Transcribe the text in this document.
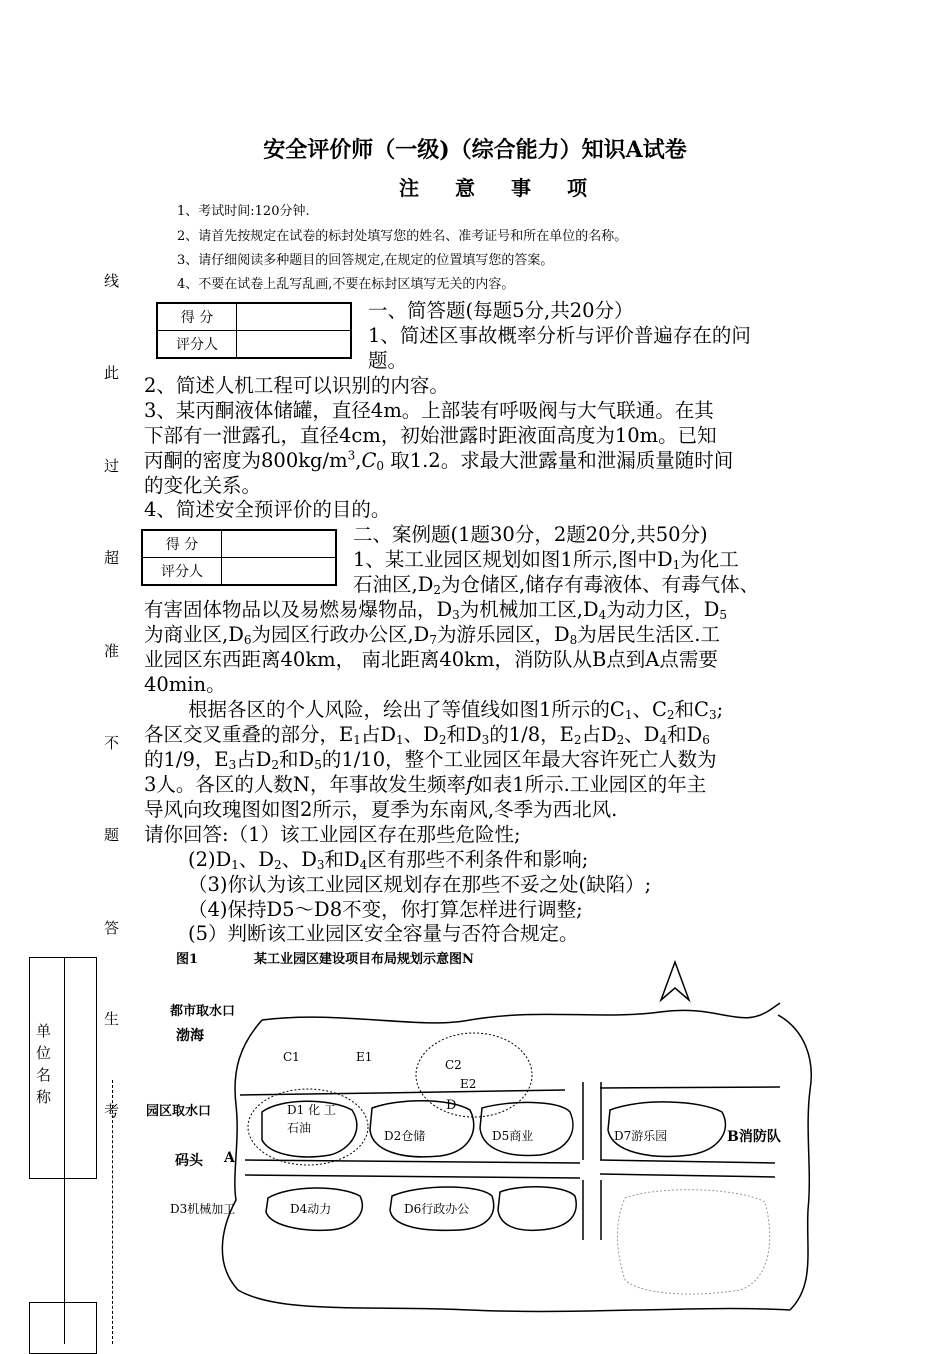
安全评价师（一级)（综合能力）知识A试卷
注意事项
1、考试时间:120分钟.
2、请首先按规定在试卷的标封处填写您的姓名、准考证号和所在单位的名称。
3、请仔细阅读多种题目的回答规定,在规定的位置填写您的答案。
4、不要在试卷上乱写乱画,不要在标封区填写无关的内容。
线
此
过
超
准
不
题
答
生
考
单位名称
得 分	
评分人	
一、简答题(每题5分,共20分）
1、简述区事故概率分析与评价普遍存在的问
题。
2、简述人机工程可以识别的内容。
3、某丙酮液体储罐，直径4m。上部装有呼吸阀与大气联通。在其
下部有一泄露孔，直径4cm，初始泄露时距液面高度为10m。已知
丙酮的密度为$800kg/m^3,C_0$ 取1.2。求最大泄露量和泄漏质量随时间
的变化关系。
4、简述安全预评价的目的。
得 分	
评分人	
二、案例题(1题30分，2题20分,共50分)
1、某工业园区规划如图1所示,图中$D_1$为化工
石油区$,D_2$为仓储区,储存有毒液体、有毒气体、
有害固体物品以及易燃易爆物品，$D_3$为机械加工区$,D_4$为动力区，$D_5$
为商业区$,D_6$为园区行政办公区$,D_7$为游乐园区，$D_8$为居民生活区.工
业园区东西距离40km， 南北距离40km，消防队从B点到A点需要
40min。
根据各区的个人风险，绘出了等值线如图1所示的$C_1$、$C_2$和$C_3$;
各区交叉重叠的部分，$E_1$占$D_1$、$D_2$和$D_3$的1/8，$E_2$占$D_2$、$D_4$和$D_6$
的1/9，$E_3$占$D_2$和$D_5$的1/10，整个工业园区年最大容许死亡人数为
3人。各区的人数N，年事故发生频率f如表1所示.工业园区的年主
导风向玫瑰图如图2所示，夏季为东南风,冬季为西北风.
请你回答:（1）该工业园区存在那些危险性;
$(2)D_1$、$D_2$、$D_3$和$D_4$区有那些不利条件和影响;
（3)你认为该工业园区规划存在那些不妥之处(缺陷）;
（4)保持D5～D8不变，你打算怎样进行调整;
(5）判断该工业园区安全容量与否符合规定。
图1	某工业园区建设项目布局规划示意图N
都市取水口
渤海
园区取水口
码头 A
B消防队
C1	E1
C2
E2
D
D1 化 工
石油
D2仓储	D5商业	D7游乐园
D3机械加工	D4动力	D6行政办公
